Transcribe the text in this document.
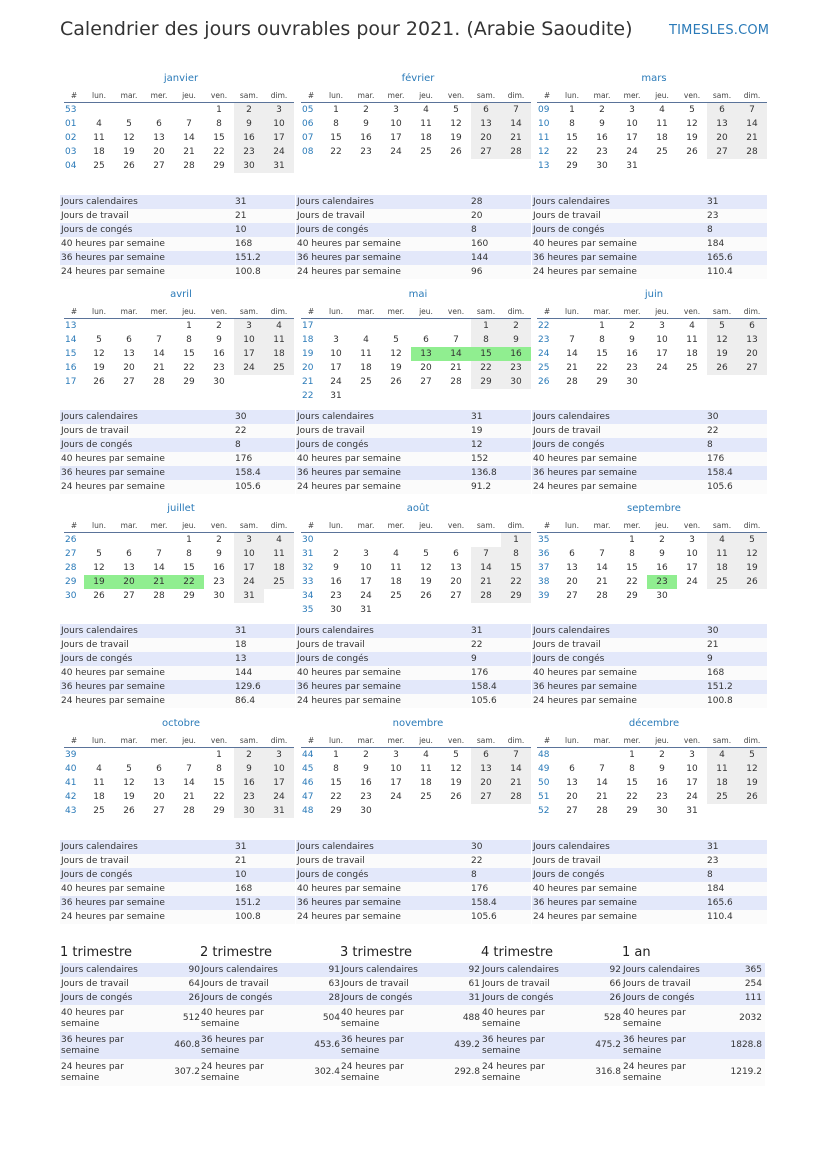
Calendrier des jours ouvrables pour 2021. (Arabie Saoudite)	TIMESLES.COM
janvier
#	lun.	mar.	mer.	jeu.	ven.	sam.	dim.
53					1	2	3
01	4	5	6	7	8	9	10
02	11	12	13	14	15	16	17
03	18	19	20	21	22	23	24
04	25	26	27	28	29	30	31
Jours calendaires	31
Jours de travail	21
Jours de congés	10
40 heures par semaine	168
36 heures par semaine	151.2
24 heures par semaine	100.8
février
#	lun.	mar.	mer.	jeu.	ven.	sam.	dim.
05	1	2	3	4	5	6	7
06	8	9	10	11	12	13	14
07	15	16	17	18	19	20	21
08	22	23	24	25	26	27	28
Jours calendaires	28
Jours de travail	20
Jours de congés	8
40 heures par semaine	160
36 heures par semaine	144
24 heures par semaine	96
mars
#	lun.	mar.	mer.	jeu.	ven.	sam.	dim.
09	1	2	3	4	5	6	7
10	8	9	10	11	12	13	14
11	15	16	17	18	19	20	21
12	22	23	24	25	26	27	28
13	29	30	31				
Jours calendaires	31
Jours de travail	23
Jours de congés	8
40 heures par semaine	184
36 heures par semaine	165.6
24 heures par semaine	110.4
avril
#	lun.	mar.	mer.	jeu.	ven.	sam.	dim.
13				1	2	3	4
14	5	6	7	8	9	10	11
15	12	13	14	15	16	17	18
16	19	20	21	22	23	24	25
17	26	27	28	29	30		
Jours calendaires	30
Jours de travail	22
Jours de congés	8
40 heures par semaine	176
36 heures par semaine	158.4
24 heures par semaine	105.6
mai
#	lun.	mar.	mer.	jeu.	ven.	sam.	dim.
17						1	2
18	3	4	5	6	7	8	9
19	10	11	12	13	14	15	16
20	17	18	19	20	21	22	23
21	24	25	26	27	28	29	30
22	31						
Jours calendaires	31
Jours de travail	19
Jours de congés	12
40 heures par semaine	152
36 heures par semaine	136.8
24 heures par semaine	91.2
juin
#	lun.	mar.	mer.	jeu.	ven.	sam.	dim.
22		1	2	3	4	5	6
23	7	8	9	10	11	12	13
24	14	15	16	17	18	19	20
25	21	22	23	24	25	26	27
26	28	29	30				
Jours calendaires	30
Jours de travail	22
Jours de congés	8
40 heures par semaine	176
36 heures par semaine	158.4
24 heures par semaine	105.6
juillet
#	lun.	mar.	mer.	jeu.	ven.	sam.	dim.
26				1	2	3	4
27	5	6	7	8	9	10	11
28	12	13	14	15	16	17	18
29	19	20	21	22	23	24	25
30	26	27	28	29	30	31	
Jours calendaires	31
Jours de travail	18
Jours de congés	13
40 heures par semaine	144
36 heures par semaine	129.6
24 heures par semaine	86.4
août
#	lun.	mar.	mer.	jeu.	ven.	sam.	dim.
30							1
31	2	3	4	5	6	7	8
32	9	10	11	12	13	14	15
33	16	17	18	19	20	21	22
34	23	24	25	26	27	28	29
35	30	31					
Jours calendaires	31
Jours de travail	22
Jours de congés	9
40 heures par semaine	176
36 heures par semaine	158.4
24 heures par semaine	105.6
septembre
#	lun.	mar.	mer.	jeu.	ven.	sam.	dim.
35			1	2	3	4	5
36	6	7	8	9	10	11	12
37	13	14	15	16	17	18	19
38	20	21	22	23	24	25	26
39	27	28	29	30			
Jours calendaires	30
Jours de travail	21
Jours de congés	9
40 heures par semaine	168
36 heures par semaine	151.2
24 heures par semaine	100.8
octobre
#	lun.	mar.	mer.	jeu.	ven.	sam.	dim.
39					1	2	3
40	4	5	6	7	8	9	10
41	11	12	13	14	15	16	17
42	18	19	20	21	22	23	24
43	25	26	27	28	29	30	31
Jours calendaires	31
Jours de travail	21
Jours de congés	10
40 heures par semaine	168
36 heures par semaine	151.2
24 heures par semaine	100.8
novembre
#	lun.	mar.	mer.	jeu.	ven.	sam.	dim.
44	1	2	3	4	5	6	7
45	8	9	10	11	12	13	14
46	15	16	17	18	19	20	21
47	22	23	24	25	26	27	28
48	29	30					
Jours calendaires	30
Jours de travail	22
Jours de congés	8
40 heures par semaine	176
36 heures par semaine	158.4
24 heures par semaine	105.6
décembre
#	lun.	mar.	mer.	jeu.	ven.	sam.	dim.
48			1	2	3	4	5
49	6	7	8	9	10	11	12
50	13	14	15	16	17	18	19
51	20	21	22	23	24	25	26
52	27	28	29	30	31		
Jours calendaires	31
Jours de travail	23
Jours de congés	8
40 heures par semaine	184
36 heures par semaine	165.6
24 heures par semaine	110.4
1 trimestre
Jours calendaires	90
Jours de travail	64
Jours de congés	26
40 heures par semaine	512
36 heures par semaine	460.8
24 heures par semaine	307.2
2 trimestre
Jours calendaires	91
Jours de travail	63
Jours de congés	28
40 heures par semaine	504
36 heures par semaine	453.6
24 heures par semaine	302.4
3 trimestre
Jours calendaires	92
Jours de travail	61
Jours de congés	31
40 heures par semaine	488
36 heures par semaine	439.2
24 heures par semaine	292.8
4 trimestre
Jours calendaires	92
Jours de travail	66
Jours de congés	26
40 heures par semaine	528
36 heures par semaine	475.2
24 heures par semaine	316.8
1 an
Jours calendaires	365
Jours de travail	254
Jours de congés	111
40 heures par semaine	2032
36 heures par semaine	1828.8
24 heures par semaine	1219.2
